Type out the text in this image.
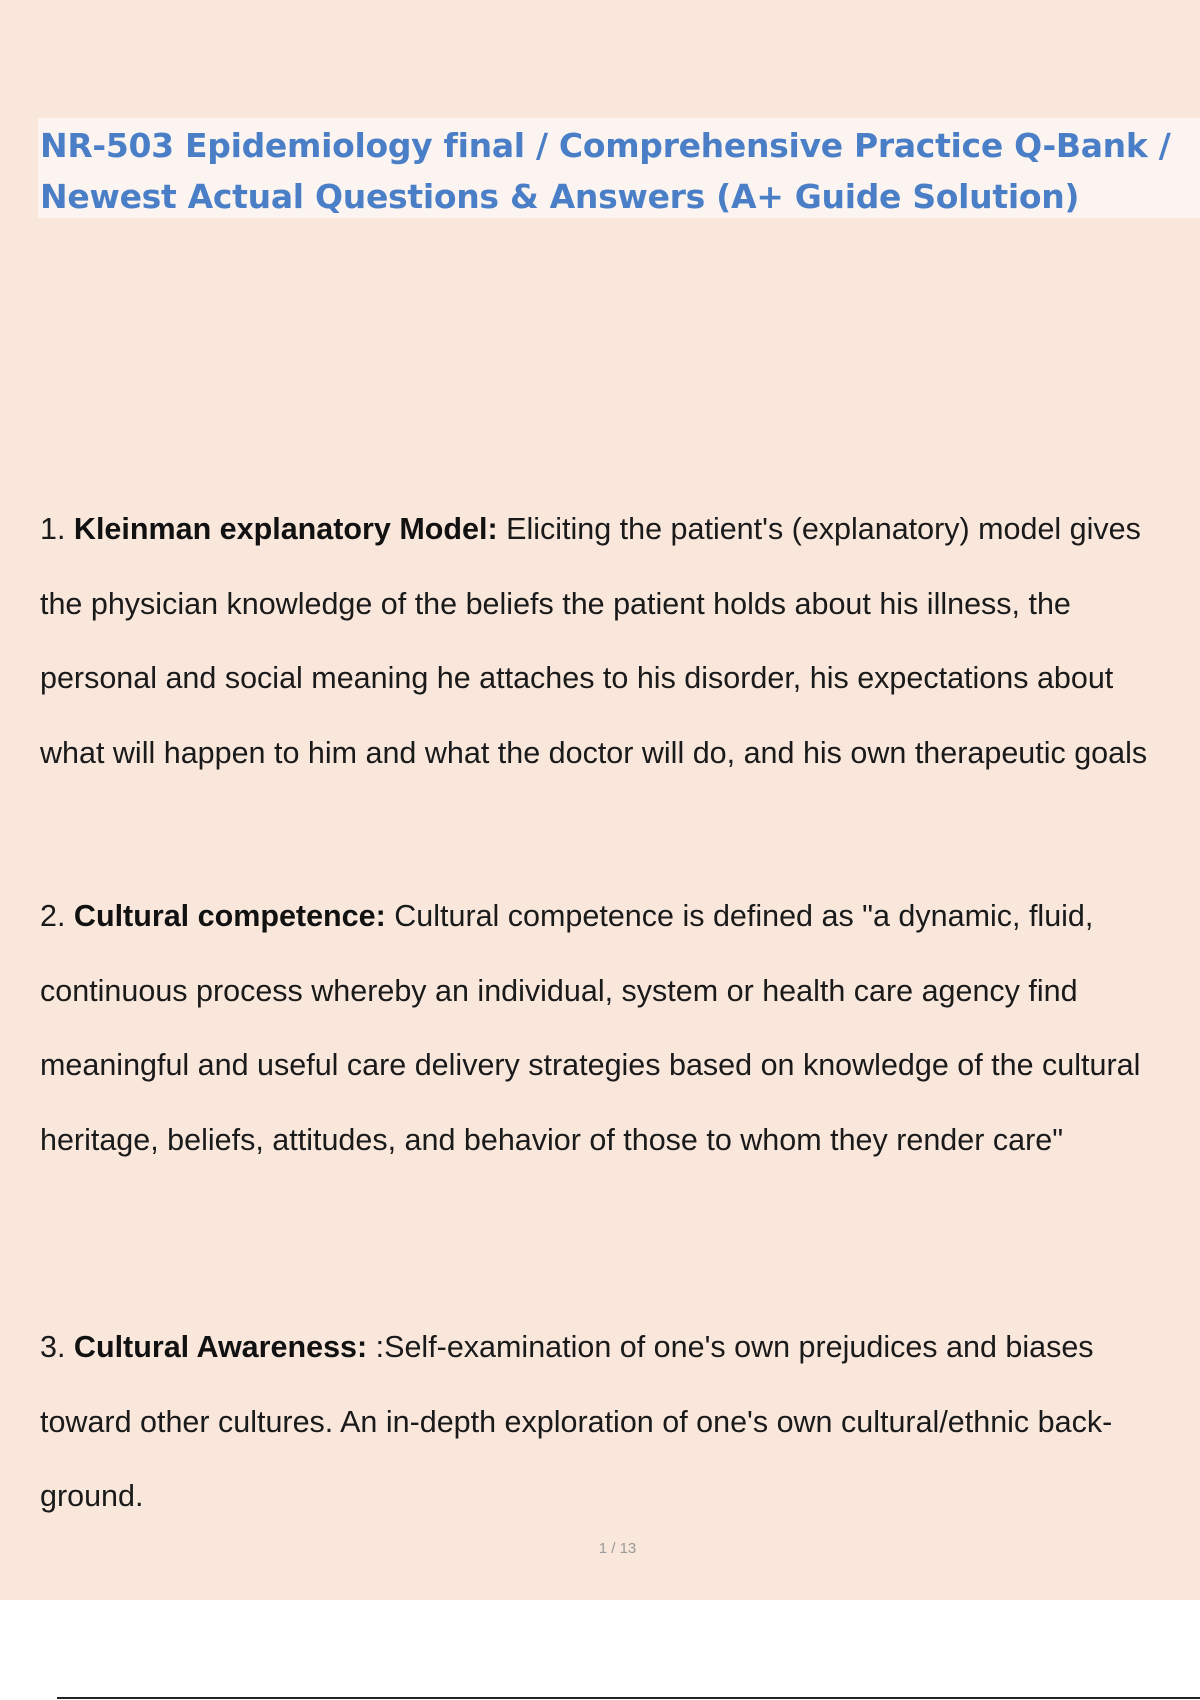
NR-503 Epidemiology final / Comprehensive Practice Q-Bank /
Newest Actual Questions & Answers (A+ Guide Solution)

1. Kleinman explanatory Model: Eliciting the patient's (explanatory) model gives
the physician knowledge of the beliefs the patient holds about his illness, the
personal and social meaning he attaches to his disorder, his expectations about
what will happen to him and what the doctor will do, and his own therapeutic goals

2. Cultural competence: Cultural competence is defined as "a dynamic, fluid,
continuous process whereby an individual, system or health care agency find
meaningful and useful care delivery strategies based on knowledge of the cultural
heritage, beliefs, attitudes, and behavior of those to whom they render care"

3. Cultural Awareness: :Self-examination of one's own prejudices and biases
toward other cultures. An in-depth exploration of one's own cultural/ethnic back-
ground.

1 / 13
